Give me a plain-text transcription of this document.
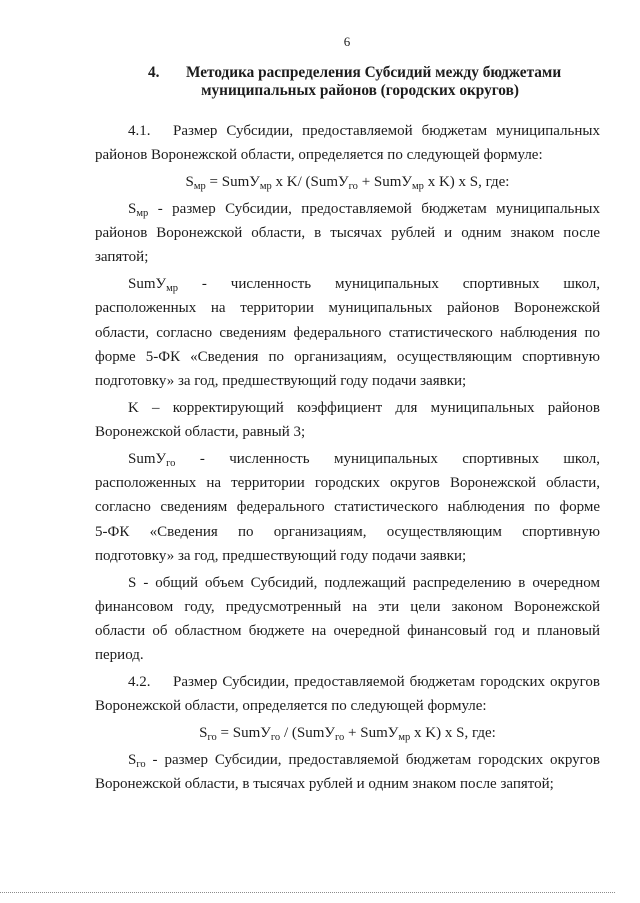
6
4. Методика распределения Субсидий между бюджетами
муниципальных районов (городских округов)
4.1. Размер Субсидии, предоставляемой бюджетам муниципальных
районов Воронежской области, определяется по следующей формуле:
$S_{мр}$ = SumУ$_{мр}$ x K/ (SumУ$_{го}$ + SumУ$_{мр}$ x K) x S, где:
$S_{мр}$ - размер Субсидии, предоставляемой бюджетам муниципальных
районов Воронежской области, в тысячах рублей и одним знаком после
запятой;
SumУ$_{мр}$ - численность муниципальных спортивных школ,
расположенных на территории муниципальных районов Воронежской
области, согласно сведениям федерального статистического наблюдения по
форме 5-ФК «Сведения по организациям, осуществляющим спортивную
подготовку» за год, предшествующий году подачи заявки;
K – корректирующий коэффициент для муниципальных районов
Воронежской области, равный 3;
SumУ$_{го}$ - численность муниципальных спортивных школ,
расположенных на территории городских округов Воронежской области,
согласно сведениям федерального статистического наблюдения по форме
5-ФК «Сведения по организациям, осуществляющим спортивную
подготовку» за год, предшествующий году подачи заявки;
S - общий объем Субсидий, подлежащий распределению в очередном
финансовом году, предусмотренный на эти цели законом Воронежской
области об областном бюджете на очередной финансовый год и плановый
период.
4.2. Размер Субсидии, предоставляемой бюджетам городских округов
Воронежской области, определяется по следующей формуле:
$S_{го}$ = SumУ$_{го}$ / (SumУ$_{го}$ + SumУ$_{мр}$ x K) x S, где:
$S_{го}$ - размер Субсидии, предоставляемой бюджетам городских округов
Воронежской области, в тысячах рублей и одним знаком после запятой;
